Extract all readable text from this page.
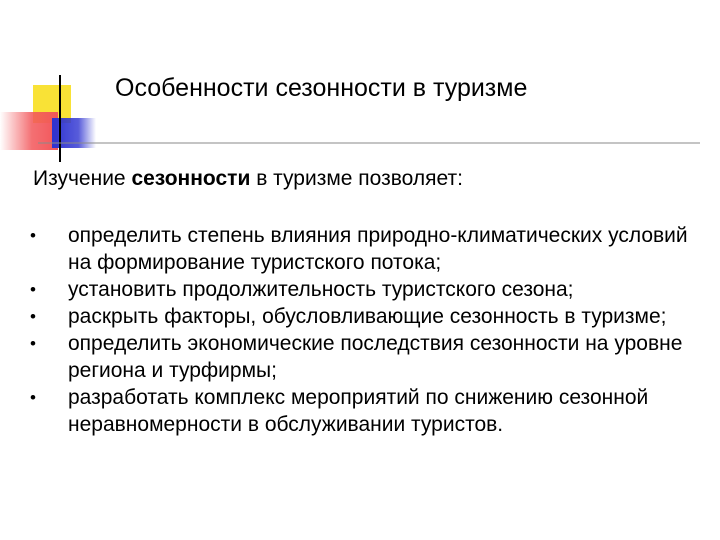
Особенности сезонности в туризме
Изучение сезонности в туризме позволяет:
•	определить степень влияния природно-климатических условий на формирование туристского потока;
•	установить продолжительность туристского сезона;
•	раскрыть факторы, обусловливающие сезонность в туризме;
•	определить экономические последствия сезонности на уровне региона и турфирмы;
•	разработать комплекс мероприятий по снижению сезонной неравномерности в обслуживании туристов.
